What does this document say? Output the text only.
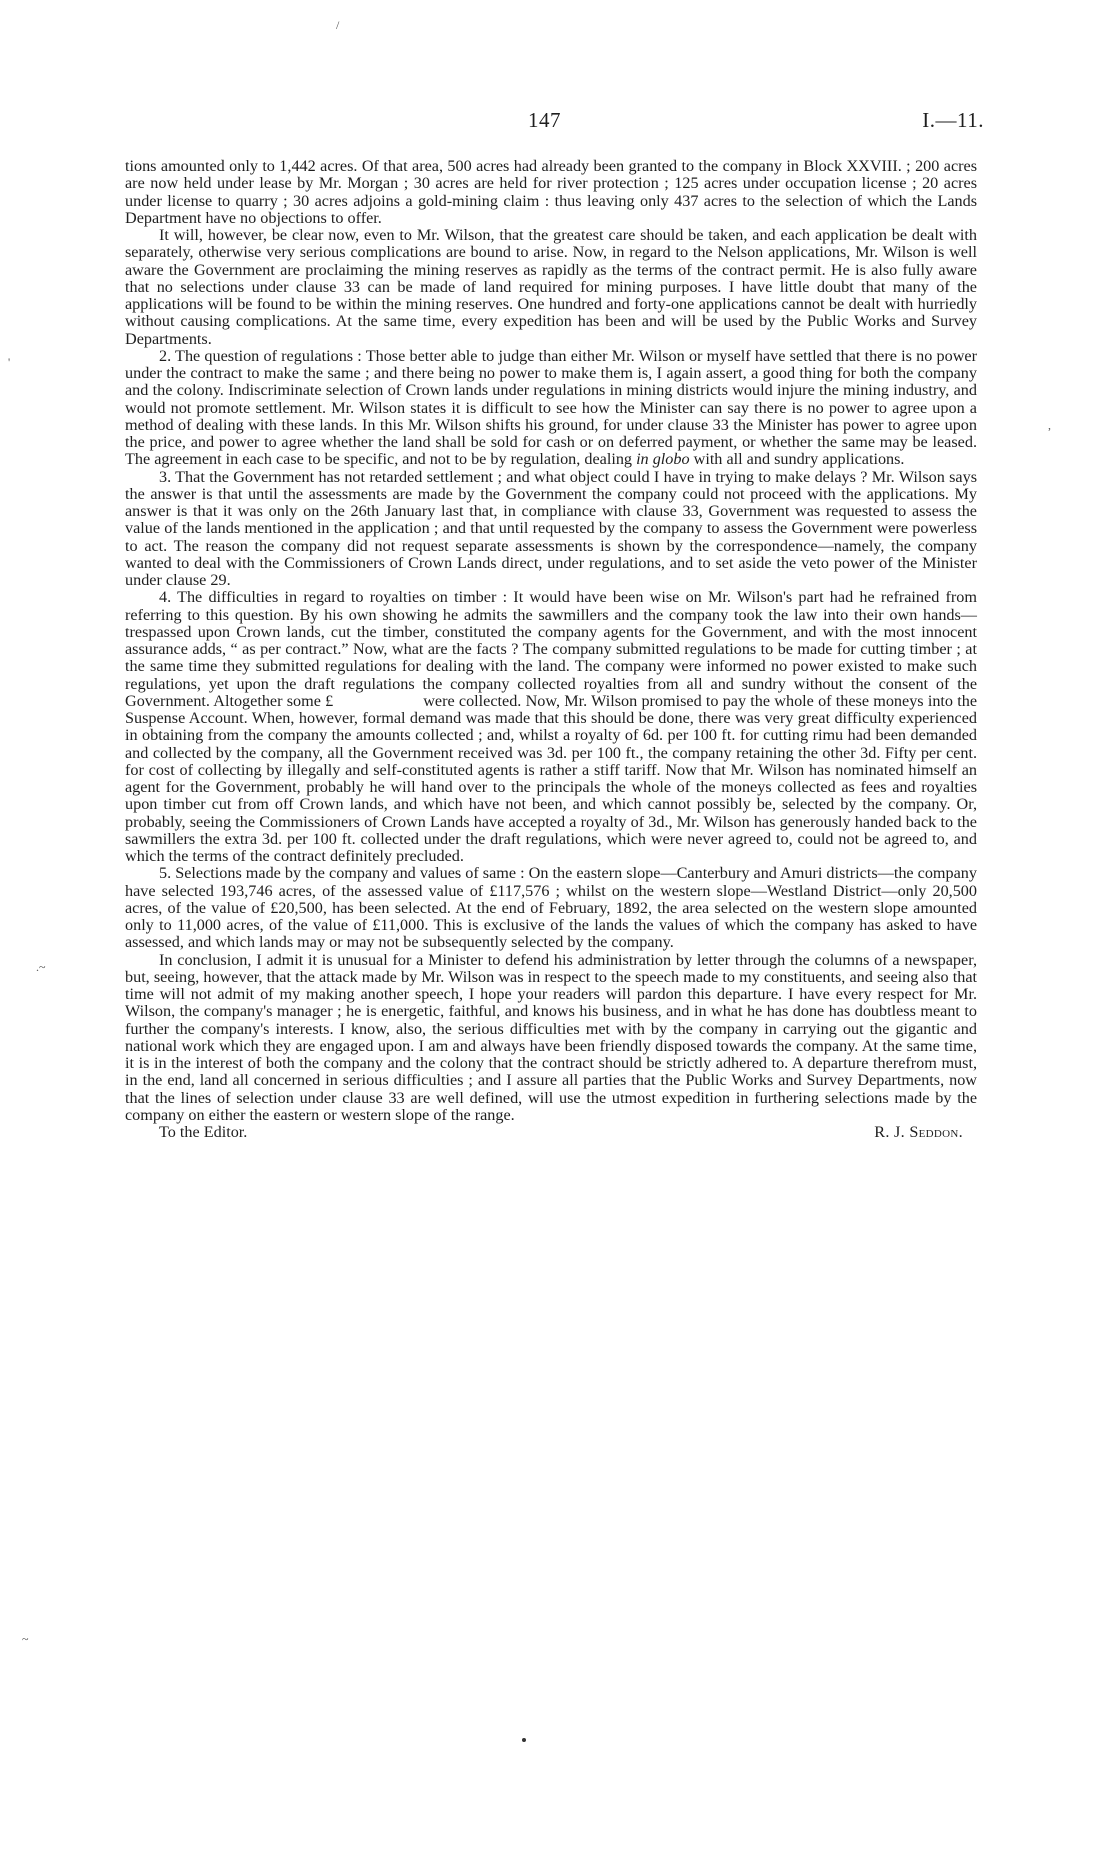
147	I.—11.

tions amounted only to 1,442 acres. Of that area, 500 acres had already been granted to the company in Block XXVIII. ; 200 acres are now held under lease by Mr. Morgan ; 30 acres are held for river protection ; 125 acres under occupation license ; 20 acres under license to quarry ; 30 acres adjoins a gold-mining claim : thus leaving only 437 acres to the selection of which the Lands Department have no objections to offer.

It will, however, be clear now, even to Mr. Wilson, that the greatest care should be taken, and each application be dealt with separately, otherwise very serious complications are bound to arise. Now, in regard to the Nelson applications, Mr. Wilson is well aware the Government are proclaiming the mining reserves as rapidly as the terms of the contract permit. He is also fully aware that no selections under clause 33 can be made of land required for mining purposes. I have little doubt that many of the applications will be found to be within the mining reserves. One hundred and forty-one applications cannot be dealt with hurriedly without causing complications. At the same time, every expedition has been and will be used by the Public Works and Survey Departments.

2. The question of regulations : Those better able to judge than either Mr. Wilson or myself have settled that there is no power under the contract to make the same ; and there being no power to make them is, I again assert, a good thing for both the company and the colony. Indiscriminate selection of Crown lands under regulations in mining districts would injure the mining industry, and would not promote settlement. Mr. Wilson states it is difficult to see how the Minister can say there is no power to agree upon a method of dealing with these lands. In this Mr. Wilson shifts his ground, for under clause 33 the Minister has power to agree upon the price, and power to agree whether the land shall be sold for cash or on deferred payment, or whether the same may be leased. The agreement in each case to be specific, and not to be by regulation, dealing in globo with all and sundry applications.

3. That the Government has not retarded settlement ; and what object could I have in trying to make delays ? Mr. Wilson says the answer is that until the assessments are made by the Government the company could not proceed with the applications. My answer is that it was only on the 26th January last that, in compliance with clause 33, Government was requested to assess the value of the lands mentioned in the application ; and that until requested by the company to assess the Government were powerless to act. The reason the company did not request separate assessments is shown by the correspondence—namely, the company wanted to deal with the Commissioners of Crown Lands direct, under regulations, and to set aside the veto power of the Minister under clause 29.

4. The difficulties in regard to royalties on timber : It would have been wise on Mr. Wilson's part had he refrained from referring to this question. By his own showing he admits the sawmillers and the company took the law into their own hands—trespassed upon Crown lands, cut the timber, constituted the company agents for the Government, and with the most innocent assurance adds, “ as per contract.” Now, what are the facts ? The company submitted regulations to be made for cutting timber ; at the same time they submitted regulations for dealing with the land. The company were informed no power existed to make such regulations, yet upon the draft regulations the company collected royalties from all and sundry without the consent of the Government. Altogether some £	were collected. Now, Mr. Wilson promised to pay the whole of these moneys into the Suspense Account. When, however, formal demand was made that this should be done, there was very great difficulty experienced in obtaining from the company the amounts collected ; and, whilst a royalty of 6d. per 100 ft. for cutting rimu had been demanded and collected by the company, all the Government received was 3d. per 100 ft., the company retaining the other 3d. Fifty per cent. for cost of collecting by illegally and self-constituted agents is rather a stiff tariff. Now that Mr. Wilson has nominated himself an agent for the Government, probably he will hand over to the principals the whole of the moneys collected as fees and royalties upon timber cut from off Crown lands, and which have not been, and which cannot possibly be, selected by the company. Or, probably, seeing the Commissioners of Crown Lands have accepted a royalty of 3d., Mr. Wilson has generously handed back to the sawmillers the extra 3d. per 100 ft. collected under the draft regulations, which were never agreed to, could not be agreed to, and which the terms of the contract definitely precluded.

5. Selections made by the company and values of same : On the eastern slope—Canterbury and Amuri districts—the company have selected 193,746 acres, of the assessed value of £117,576 ; whilst on the western slope—Westland District—only 20,500 acres, of the value of £20,500, has been selected. At the end of February, 1892, the area selected on the western slope amounted only to 11,000 acres, of the value of £11,000. This is exclusive of the lands the values of which the company has asked to have assessed, and which lands may or may not be subsequently selected by the company.

In conclusion, I admit it is unusual for a Minister to defend his administration by letter through the columns of a newspaper, but, seeing, however, that the attack made by Mr. Wilson was in respect to the speech made to my constituents, and seeing also that time will not admit of my making another speech, I hope your readers will pardon this departure. I have every respect for Mr. Wilson, the company's manager ; he is energetic, faithful, and knows his business, and in what he has done has doubtless meant to further the company's interests. I know, also, the serious difficulties met with by the company in carrying out the gigantic and national work which they are engaged upon. I am and always have been friendly disposed towards the company. At the same time, it is in the interest of both the company and the colony that the contract should be strictly adhered to. A departure therefrom must, in the end, land all concerned in serious difficulties ; and I assure all parties that the Public Works and Survey Departments, now that the lines of selection under clause 33 are well defined, will use the utmost expedition in furthering selections made by the company on either the eastern or western slope of the range.

To the Editor.	R. J. Seddon.
/
'
.~
~
,
